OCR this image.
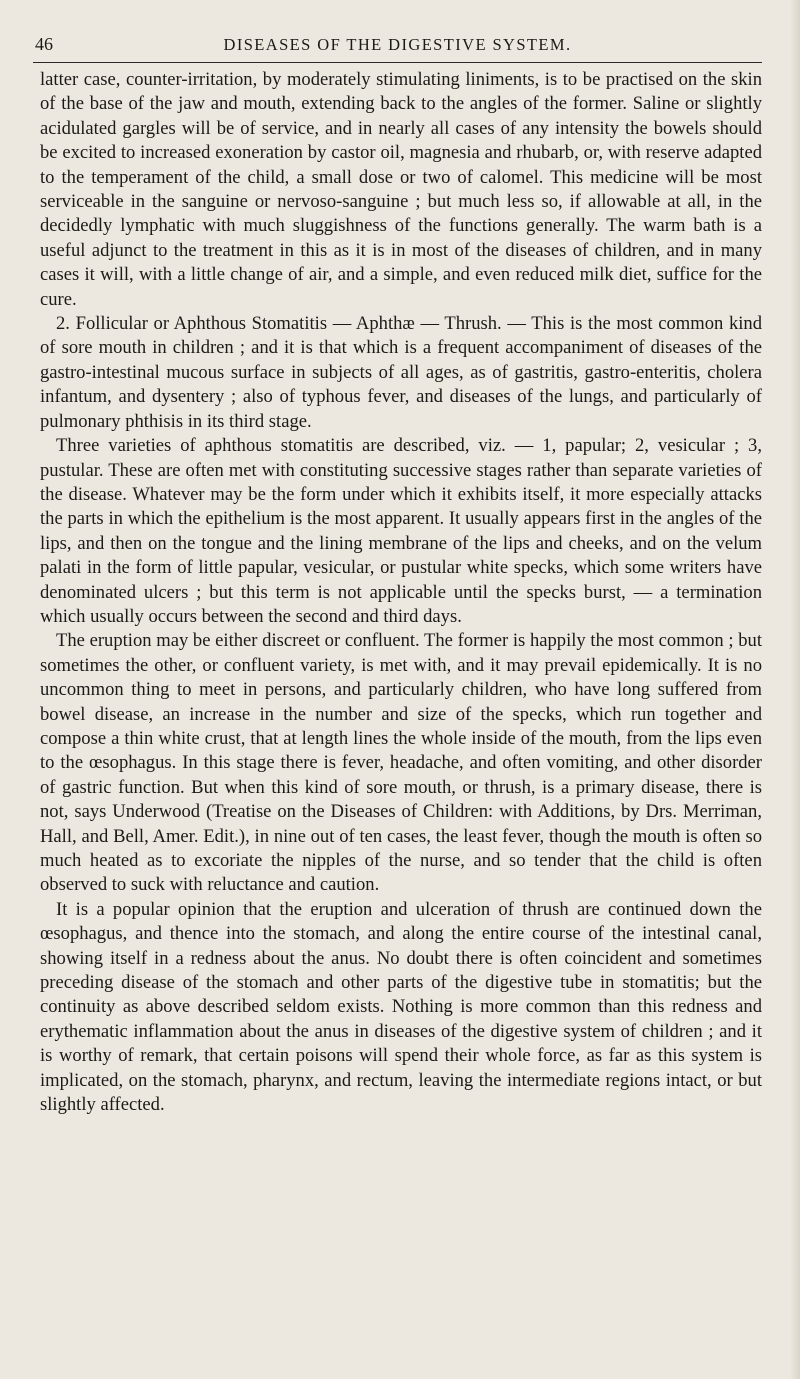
46	DISEASES OF THE DIGESTIVE SYSTEM.

latter case, counter-irritation, by moderately stimulating liniments, is to be practised on the skin of the base of the jaw and mouth, extending back to the angles of the former. Saline or slightly acidulated gargles will be of service, and in nearly all cases of any intensity the bowels should be excited to increased exoneration by castor oil, magnesia and rhubarb, or, with reserve adapted to the temperament of the child, a small dose or two of calomel. This medicine will be most serviceable in the sanguine or nervoso-sanguine ; but much less so, if allowable at all, in the decidedly lymphatic with much sluggishness of the functions generally. The warm bath is a useful adjunct to the treatment in this as it is in most of the diseases of children, and in many cases it will, with a little change of air, and a simple, and even reduced milk diet, suffice for the cure.

2. Follicular or Aphthous Stomatitis — Aphthæ — Thrush. — This is the most common kind of sore mouth in children ; and it is that which is a frequent accompaniment of diseases of the gastro-intestinal mucous surface in subjects of all ages, as of gastritis, gastro-enteritis, cholera infantum, and dysentery ; also of typhous fever, and diseases of the lungs, and particularly of pulmonary phthisis in its third stage.

Three varieties of aphthous stomatitis are described, viz. — 1, papular; 2, vesicular ; 3, pustular. These are often met with constituting successive stages rather than separate varieties of the disease. Whatever may be the form under which it exhibits itself, it more especially attacks the parts in which the epithelium is the most apparent. It usually appears first in the angles of the lips, and then on the tongue and the lining membrane of the lips and cheeks, and on the velum palati in the form of little papular, vesicular, or pustular white specks, which some writers have denominated ulcers ; but this term is not applicable until the specks burst, — a termination which usually occurs between the second and third days.

The eruption may be either discreet or confluent. The former is happily the most common ; but sometimes the other, or confluent variety, is met with, and it may prevail epidemically. It is no uncommon thing to meet in persons, and particularly children, who have long suffered from bowel disease, an increase in the number and size of the specks, which run together and compose a thin white crust, that at length lines the whole inside of the mouth, from the lips even to the œsophagus. In this stage there is fever, headache, and often vomiting, and other disorder of gastric function. But when this kind of sore mouth, or thrush, is a primary disease, there is not, says Underwood (Treatise on the Diseases of Children: with Additions, by Drs. Merriman, Hall, and Bell, Amer. Edit.), in nine out of ten cases, the least fever, though the mouth is often so much heated as to excoriate the nipples of the nurse, and so tender that the child is often observed to suck with reluctance and caution.

It is a popular opinion that the eruption and ulceration of thrush are continued down the œsophagus, and thence into the stomach, and along the entire course of the intestinal canal, showing itself in a redness about the anus. No doubt there is often coincident and sometimes preceding disease of the stomach and other parts of the digestive tube in stomatitis; but the continuity as above described seldom exists. Nothing is more common than this redness and erythematic inflammation about the anus in diseases of the digestive system of children ; and it is worthy of remark, that certain poisons will spend their whole force, as far as this system is implicated, on the stomach, pharynx, and rectum, leaving the intermediate regions intact, or but slightly affected.
